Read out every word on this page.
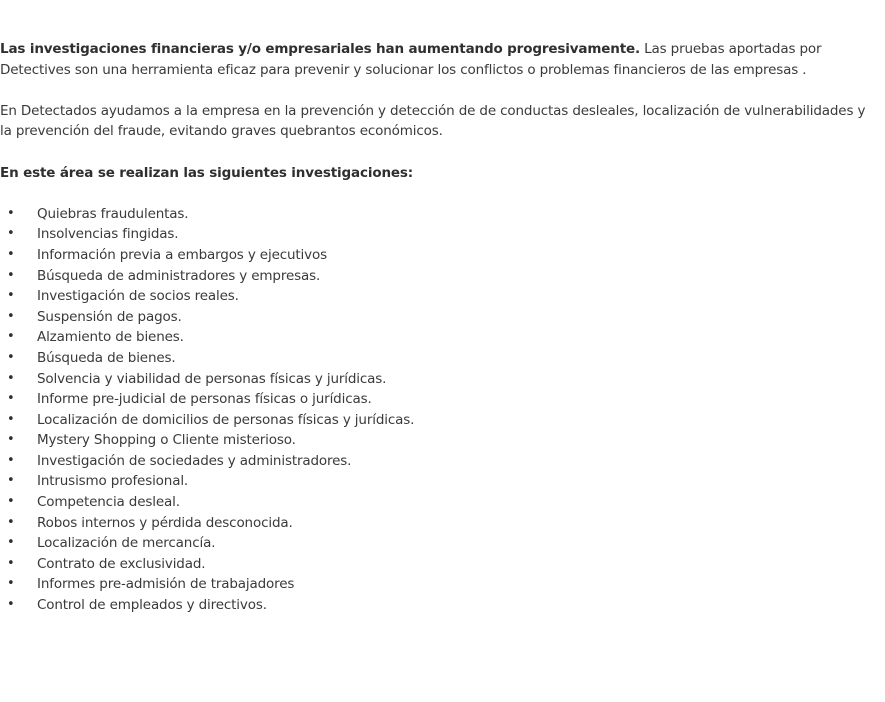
Las investigaciones financieras y/o empresariales han aumentando progresivamente. Las pruebas aportadas por Detectives son una herramienta eficaz para prevenir y solucionar los conflictos o problemas financieros de las empresas .

En Detectados ayudamos a la empresa en la prevención y detección de de conductas desleales, localización de vulnerabilidades y la prevención del fraude, evitando graves quebrantos económicos.

En este área se realizan las siguientes investigaciones:

• Quiebras fraudulentas.
• Insolvencias fingidas.
• Información previa a embargos y ejecutivos
• Búsqueda de administradores y empresas.
• Investigación de socios reales.
• Suspensión de pagos.
• Alzamiento de bienes.
• Búsqueda de bienes.
• Solvencia y viabilidad de personas físicas y jurídicas.
• Informe pre-judicial de personas físicas o jurídicas.
• Localización de domicilios de personas físicas y jurídicas.
• Mystery Shopping o Cliente misterioso.
• Investigación de sociedades y administradores.
• Intrusismo profesional.
• Competencia desleal.
• Robos internos y pérdida desconocida.
• Localización de mercancía.
• Contrato de exclusividad.
• Informes pre-admisión de trabajadores
• Control de empleados y directivos.
